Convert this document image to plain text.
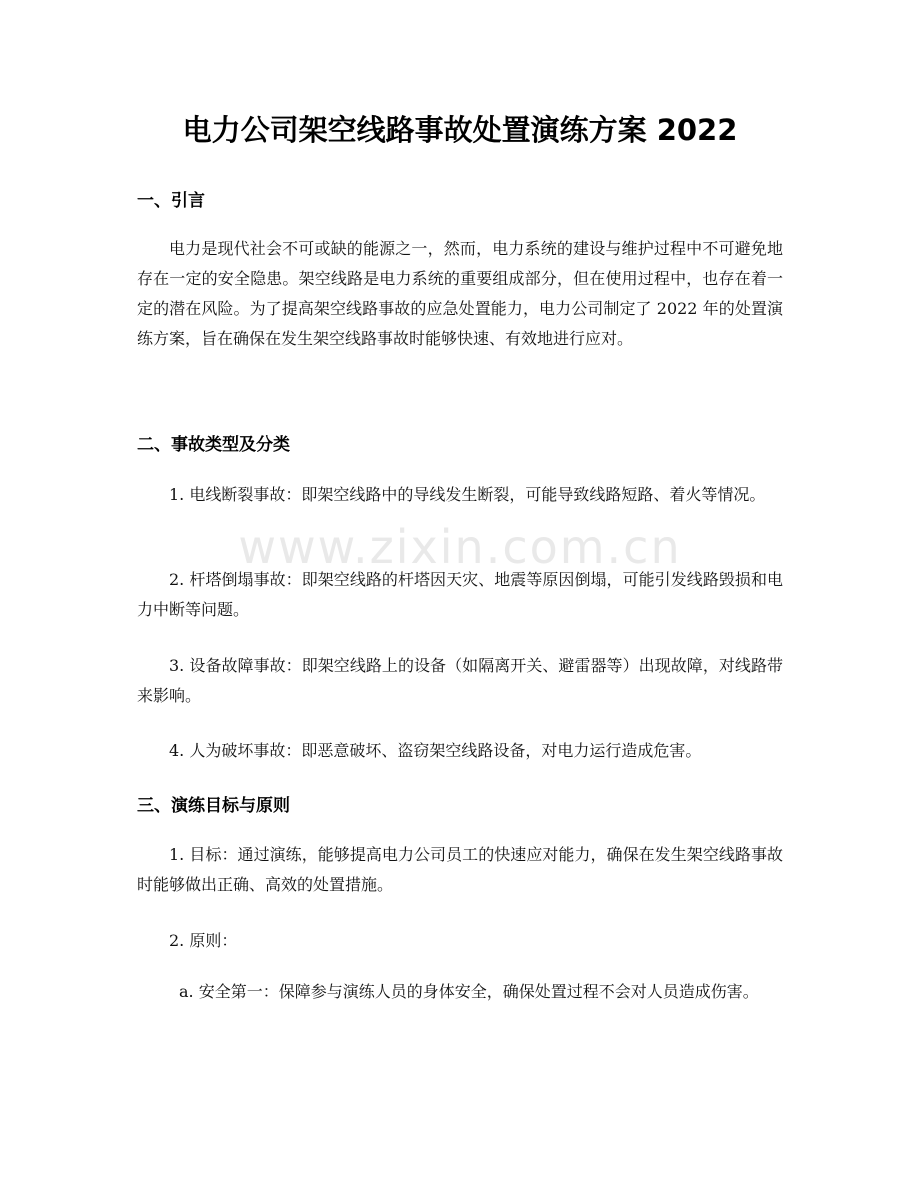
www.zixin.com.cn
电力公司架空线路事故处置演练方案 2022
一、引言

电力是现代社会不可或缺的能源之一，然而，电力系统的建设与维护过程中不可避免地存在一定的安全隐患。架空线路是电力系统的重要组成部分，但在使用过程中，也存在着一定的潜在风险。为了提高架空线路事故的应急处置能力，电力公司制定了 2022 年的处置演练方案，旨在确保在发生架空线路事故时能够快速、有效地进行应对。

二、事故类型及分类

1. 电线断裂事故：即架空线路中的导线发生断裂，可能导致线路短路、着火等情况。

2. 杆塔倒塌事故：即架空线路的杆塔因天灾、地震等原因倒塌，可能引发线路毁损和电力中断等问题。

3. 设备故障事故：即架空线路上的设备（如隔离开关、避雷器等）出现故障，对线路带来影响。

4. 人为破坏事故：即恶意破坏、盗窃架空线路设备，对电力运行造成危害。

三、演练目标与原则

1. 目标：通过演练，能够提高电力公司员工的快速应对能力，确保在发生架空线路事故时能够做出正确、高效的处置措施。

2. 原则：

a. 安全第一：保障参与演练人员的身体安全，确保处置过程不会对人员造成伤害。
